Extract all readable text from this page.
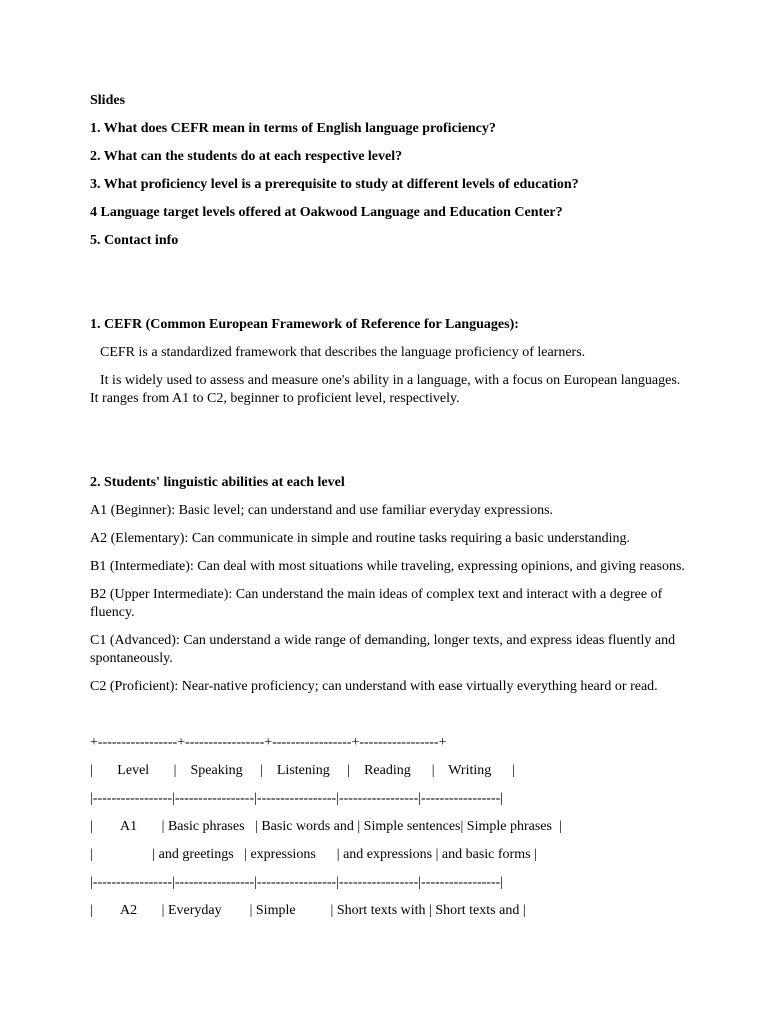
Slides
1. What does CEFR mean in terms of English language proficiency?
2. What can the students do at each respective level?
3. What proficiency level is a prerequisite to study at different levels of education?
4 Language target levels offered at Oakwood Language and Education Center?
5. Contact info
1. CEFR (Common European Framework of Reference for Languages):
CEFR is a standardized framework that describes the language proficiency of learners.
It is widely used to assess and measure one's ability in a language, with a focus on European languages. It ranges from A1 to C2, beginner to proficient level, respectively.
2. Students' linguistic abilities at each level
A1 (Beginner): Basic level; can understand and use familiar everyday expressions.
A2 (Elementary): Can communicate in simple and routine tasks requiring a basic understanding.
B1 (Intermediate): Can deal with most situations while traveling, expressing opinions, and giving reasons.
B2 (Upper Intermediate): Can understand the main ideas of complex text and interact with a degree of fluency.
C1 (Advanced): Can understand a wide range of demanding, longer texts, and express ideas fluently and spontaneously.
C2 (Proficient): Near-native proficiency; can understand with ease virtually everything heard or read.
+-----------------+-----------------+-----------------+-----------------+
|       Level       |    Speaking     |    Listening     |    Reading      |    Writing      |
|-----------------|-----------------|-----------------|-----------------|-----------------|
|        A1       | Basic phrases   | Basic words and | Simple sentences| Simple phrases  |
|                 | and greetings   | expressions      | and expressions | and basic forms |
|-----------------|-----------------|-----------------|-----------------|-----------------|
|        A2       | Everyday        | Simple          | Short texts with | Short texts and |
